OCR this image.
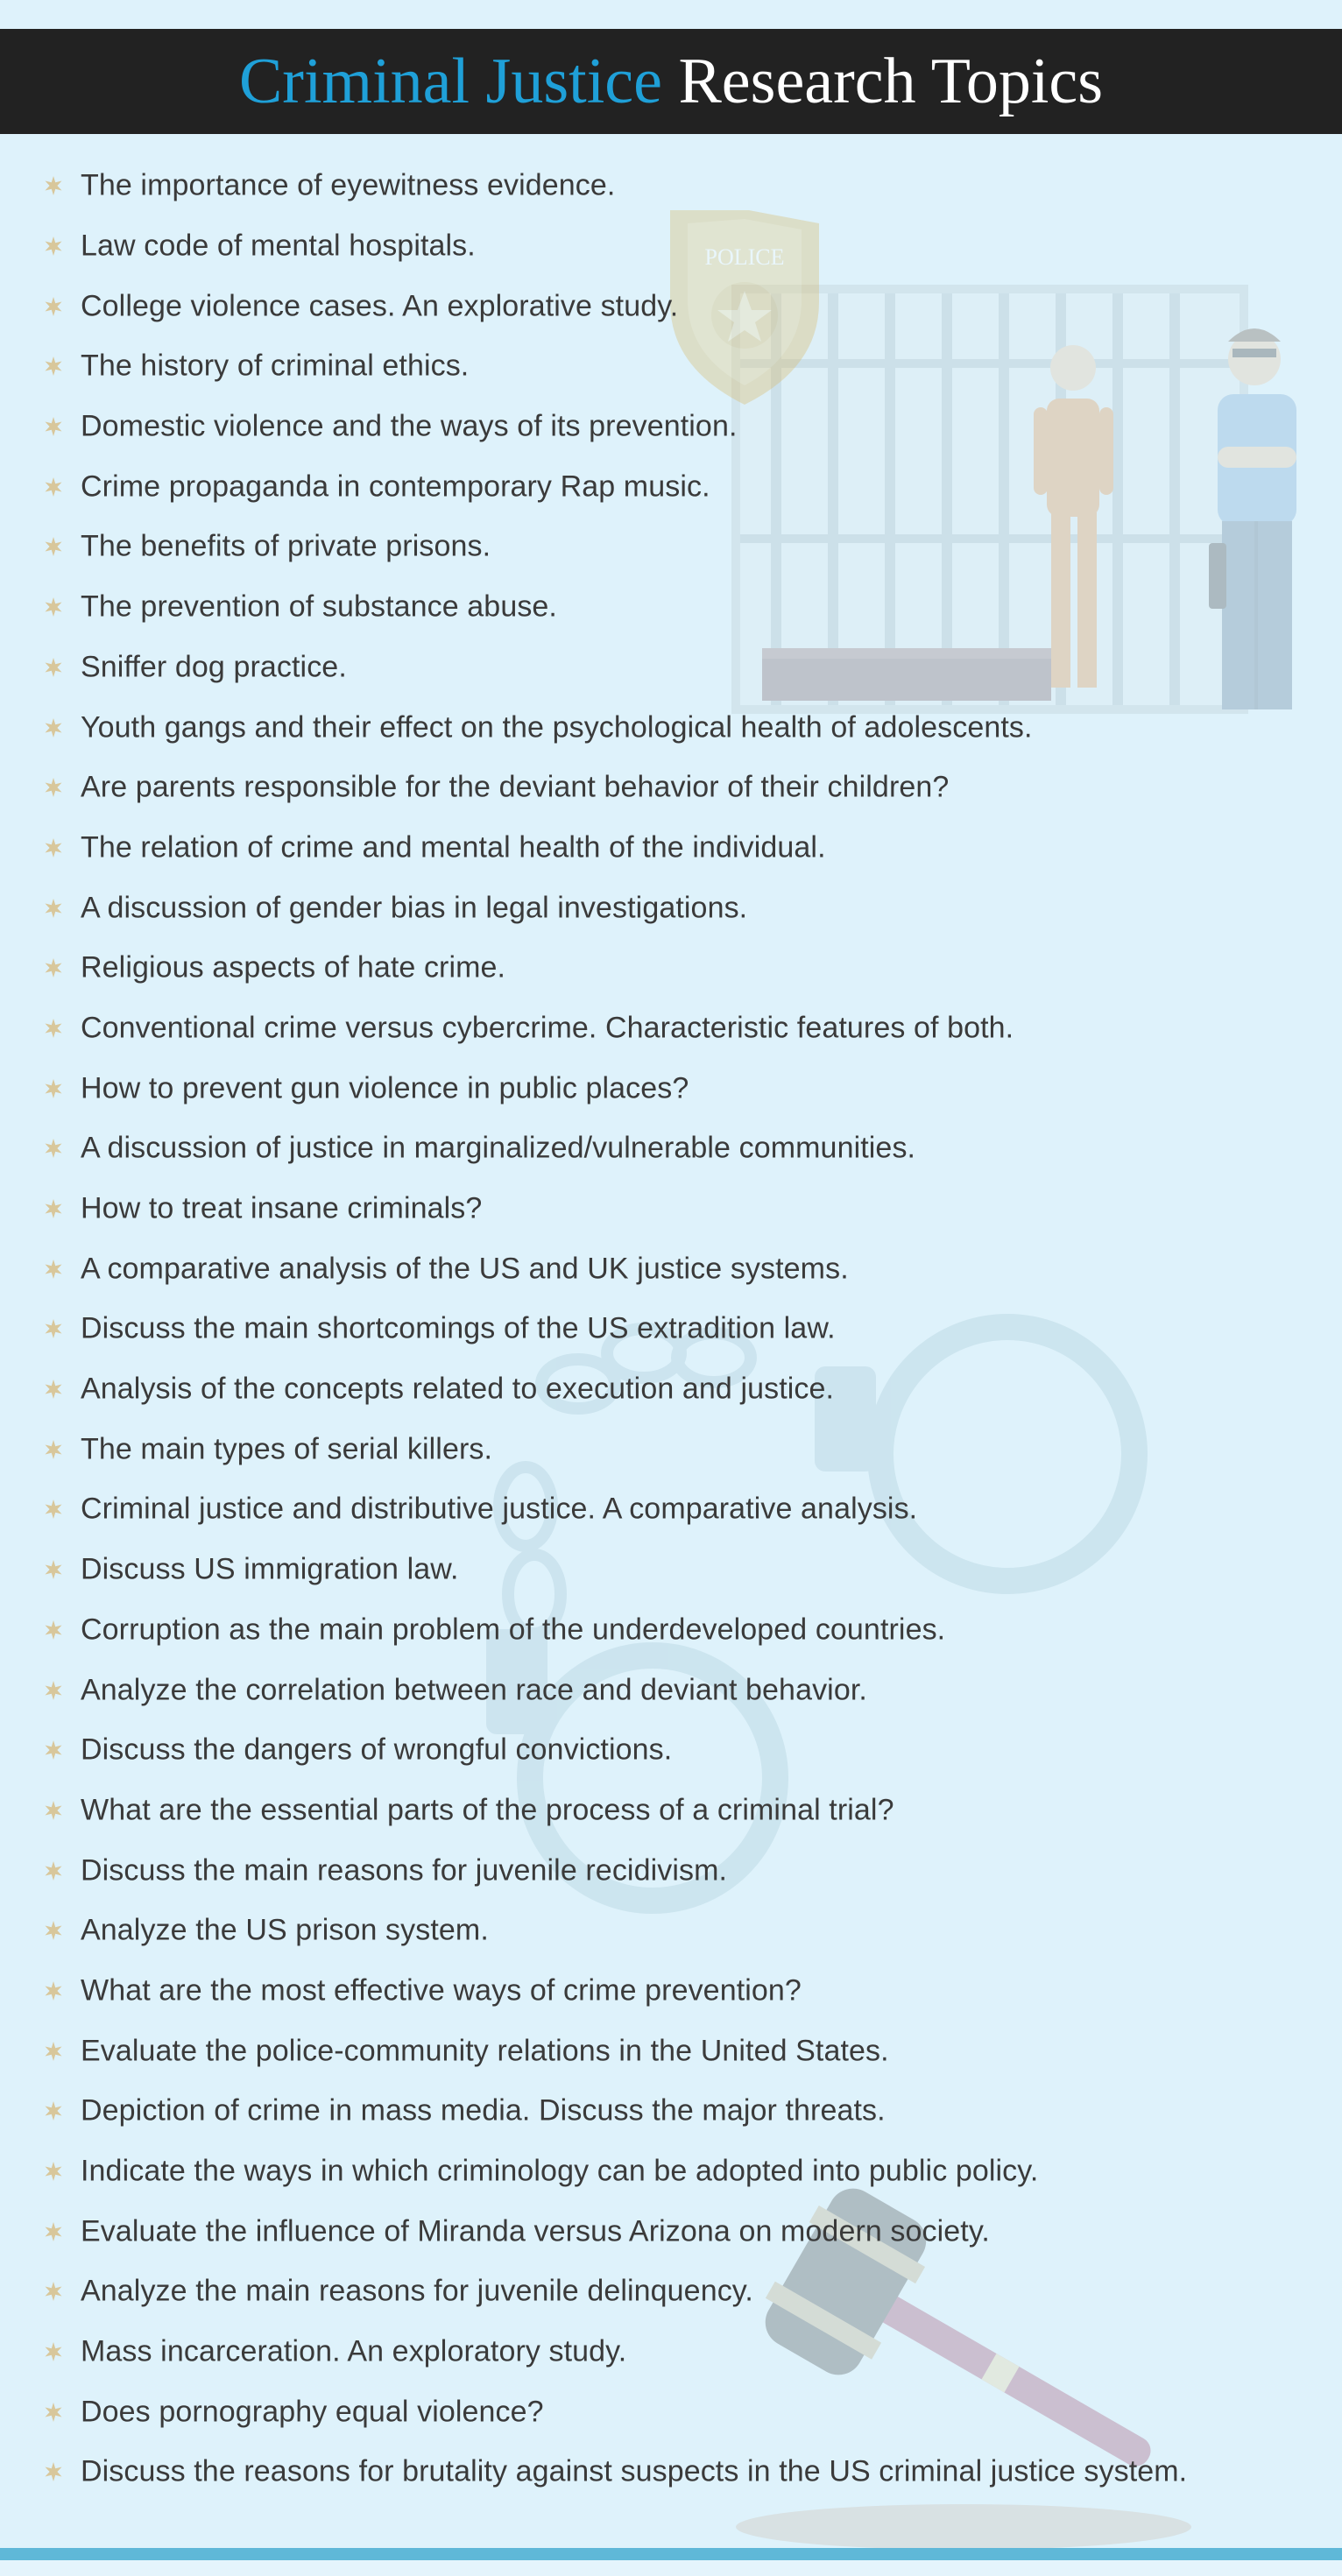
POLICE
Criminal Justice Research Topics
The importance of eyewitness evidence.
Law code of mental hospitals.
College violence cases. An explorative study.
The history of criminal ethics.
Domestic violence and the ways of its prevention.
Crime propaganda in contemporary Rap music.
The benefits of private prisons.
The prevention of substance abuse.
Sniffer dog practice.
Youth gangs and their effect on the psychological health of adolescents.
Are parents responsible for the deviant behavior of their children?
The relation of crime and mental health of the individual.
A discussion of gender bias in legal investigations.
Religious aspects of hate crime.
Conventional crime versus cybercrime. Characteristic features of both.
How to prevent gun violence in public places?
A discussion of justice in marginalized/vulnerable communities.
How to treat insane criminals?
A comparative analysis of the US and UK justice systems.
Discuss the main shortcomings of the US extradition law.
Analysis of the concepts related to execution and justice.
The main types of serial killers.
Criminal justice and distributive justice. A comparative analysis.
Discuss US immigration law.
Corruption as the main problem of the underdeveloped countries.
Analyze the correlation between race and deviant behavior.
Discuss the dangers of wrongful convictions.
What are the essential parts of the process of a criminal trial?
Discuss the main reasons for juvenile recidivism.
Analyze the US prison system.
What are the most effective ways of crime prevention?
Evaluate the police-community relations in the United States.
Depiction of crime in mass media. Discuss the major threats.
Indicate the ways in which criminology can be adopted into public policy.
Evaluate the influence of Miranda versus Arizona on modern society.
Analyze the main reasons for juvenile delinquency.
Mass incarceration. An exploratory study.
Does pornography equal violence?
Discuss the reasons for brutality against suspects in the US criminal justice system.
